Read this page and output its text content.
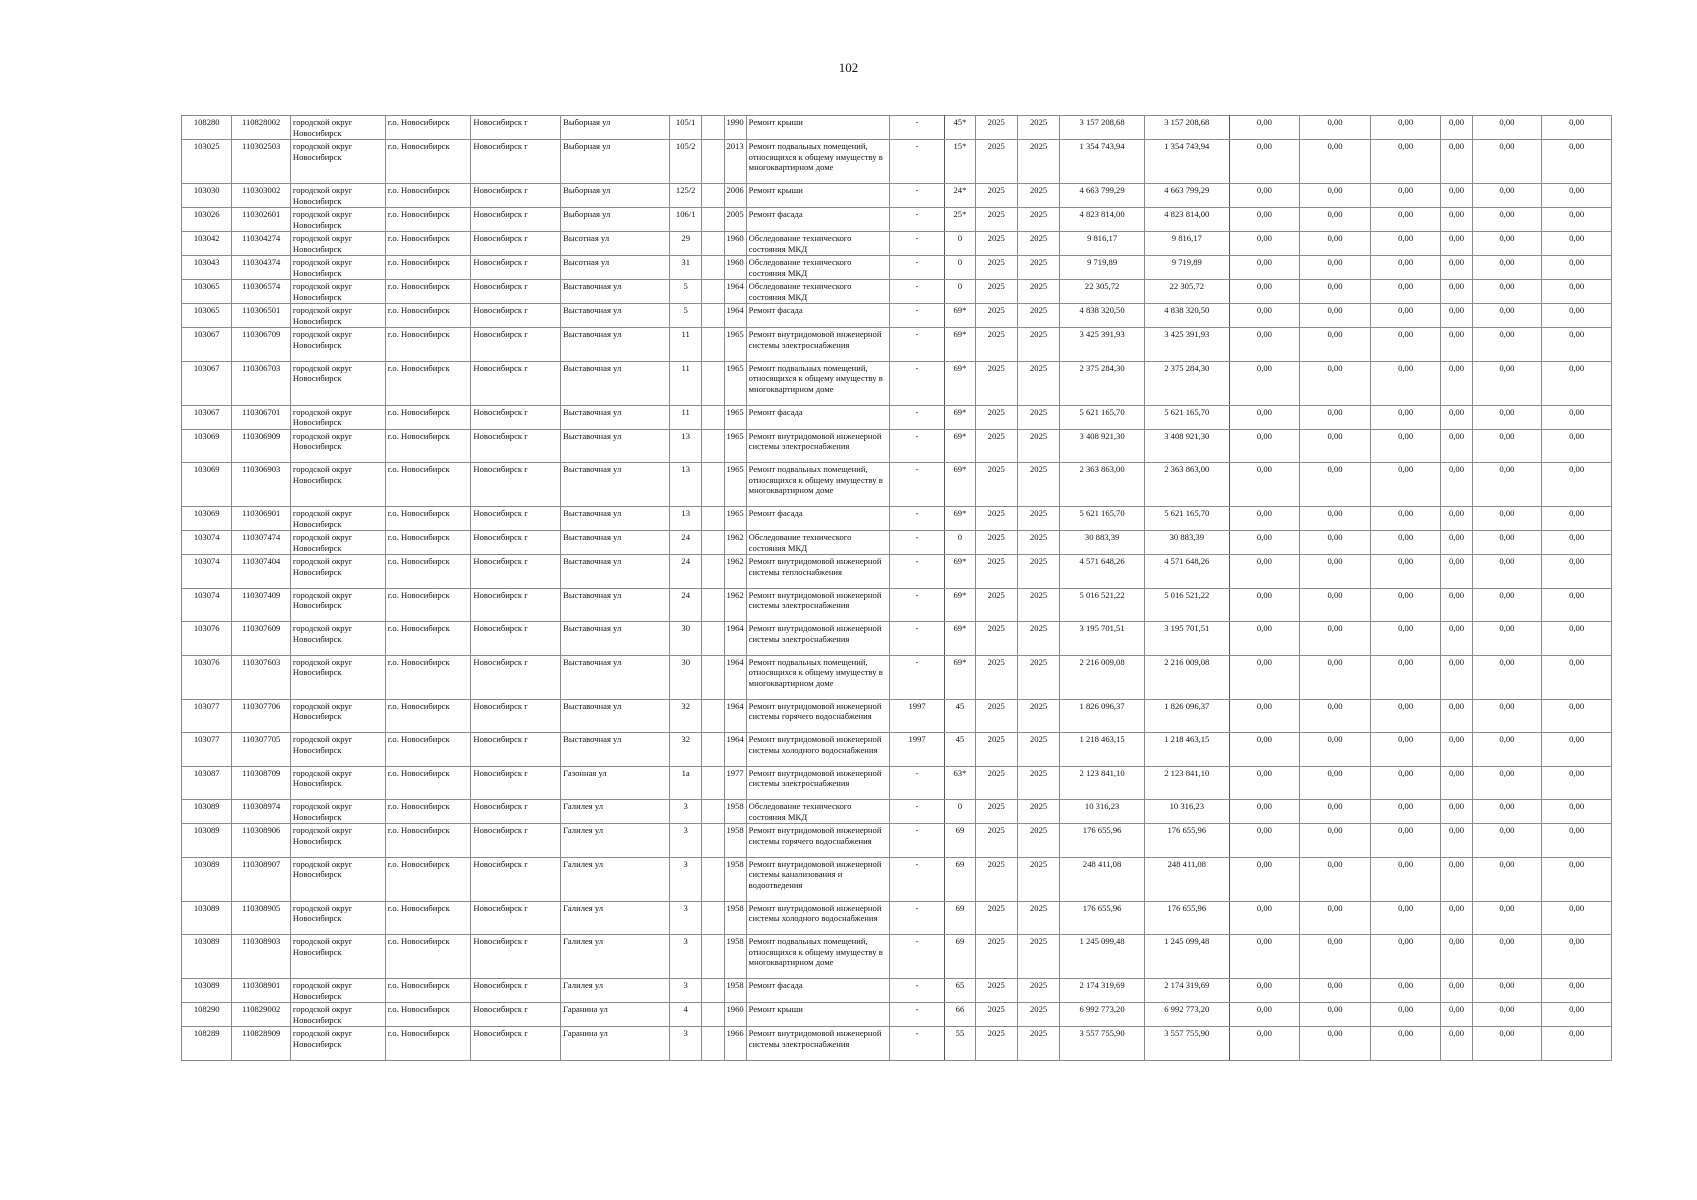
102
108280	110828002	городской округ Новосибирск	г.о. Новосибирск	Новосибирск г	Выборная ул	105/1		1990	Ремонт крыши	-	45*	2025	2025	3 157 208,68	3 157 208,68	0,00	0,00	0,00	0,00	0,00	0,00
103025	110302503	городской округ Новосибирск	г.о. Новосибирск	Новосибирск г	Выборная ул	105/2		2013	Ремонт подвальных помещений, относящихся к общему имуществу в многоквартирном доме	-	15*	2025	2025	1 354 743,94	1 354 743,94	0,00	0,00	0,00	0,00	0,00	0,00
103030	110303002	городской округ Новосибирск	г.о. Новосибирск	Новосибирск г	Выборная ул	125/2		2006	Ремонт крыши	-	24*	2025	2025	4 663 799,29	4 663 799,29	0,00	0,00	0,00	0,00	0,00	0,00
103026	110302601	городской округ Новосибирск	г.о. Новосибирск	Новосибирск г	Выборная ул	106/1		2005	Ремонт фасада	-	25*	2025	2025	4 823 814,00	4 823 814,00	0,00	0,00	0,00	0,00	0,00	0,00
103042	110304274	городской округ Новосибирск	г.о. Новосибирск	Новосибирск г	Высотная ул	29		1960	Обследование технического состояния МКД	-	0	2025	2025	9 816,17	9 816,17	0,00	0,00	0,00	0,00	0,00	0,00
103043	110304374	городской округ Новосибирск	г.о. Новосибирск	Новосибирск г	Высотная ул	31		1960	Обследование технического состояния МКД	-	0	2025	2025	9 719,89	9 719,89	0,00	0,00	0,00	0,00	0,00	0,00
103065	110306574	городской округ Новосибирск	г.о. Новосибирск	Новосибирск г	Выставочная ул	5		1964	Обследование технического состояния МКД	-	0	2025	2025	22 305,72	22 305,72	0,00	0,00	0,00	0,00	0,00	0,00
103065	110306501	городской округ Новосибирск	г.о. Новосибирск	Новосибирск г	Выставочная ул	5		1964	Ремонт фасада	-	69*	2025	2025	4 838 320,50	4 838 320,50	0,00	0,00	0,00	0,00	0,00	0,00
103067	110306709	городской округ Новосибирск	г.о. Новосибирск	Новосибирск г	Выставочная ул	11		1965	Ремонт внутридомовой инженерной системы электроснабжения	-	69*	2025	2025	3 425 391,93	3 425 391,93	0,00	0,00	0,00	0,00	0,00	0,00
103067	110306703	городской округ Новосибирск	г.о. Новосибирск	Новосибирск г	Выставочная ул	11		1965	Ремонт подвальных помещений, относящихся к общему имуществу в многоквартирном доме	-	69*	2025	2025	2 375 284,30	2 375 284,30	0,00	0,00	0,00	0,00	0,00	0,00
103067	110306701	городской округ Новосибирск	г.о. Новосибирск	Новосибирск г	Выставочная ул	11		1965	Ремонт фасада	-	69*	2025	2025	5 621 165,70	5 621 165,70	0,00	0,00	0,00	0,00	0,00	0,00
103069	110306909	городской округ Новосибирск	г.о. Новосибирск	Новосибирск г	Выставочная ул	13		1965	Ремонт внутридомовой инженерной системы электроснабжения	-	69*	2025	2025	3 408 921,30	3 408 921,30	0,00	0,00	0,00	0,00	0,00	0,00
103069	110306903	городской округ Новосибирск	г.о. Новосибирск	Новосибирск г	Выставочная ул	13		1965	Ремонт подвальных помещений, относящихся к общему имуществу в многоквартирном доме	-	69*	2025	2025	2 363 863,00	2 363 863,00	0,00	0,00	0,00	0,00	0,00	0,00
103069	110306901	городской округ Новосибирск	г.о. Новосибирск	Новосибирск г	Выставочная ул	13		1965	Ремонт фасада	-	69*	2025	2025	5 621 165,70	5 621 165,70	0,00	0,00	0,00	0,00	0,00	0,00
103074	110307474	городской округ Новосибирск	г.о. Новосибирск	Новосибирск г	Выставочная ул	24		1962	Обследование технического состояния МКД	-	0	2025	2025	30 883,39	30 883,39	0,00	0,00	0,00	0,00	0,00	0,00
103074	110307404	городской округ Новосибирск	г.о. Новосибирск	Новосибирск г	Выставочная ул	24		1962	Ремонт внутридомовой инженерной системы теплоснабжения	-	69*	2025	2025	4 571 648,26	4 571 648,26	0,00	0,00	0,00	0,00	0,00	0,00
103074	110307409	городской округ Новосибирск	г.о. Новосибирск	Новосибирск г	Выставочная ул	24		1962	Ремонт внутридомовой инженерной системы электроснабжения	-	69*	2025	2025	5 016 521,22	5 016 521,22	0,00	0,00	0,00	0,00	0,00	0,00
103076	110307609	городской округ Новосибирск	г.о. Новосибирск	Новосибирск г	Выставочная ул	30		1964	Ремонт внутридомовой инженерной системы электроснабжения	-	69*	2025	2025	3 195 701,51	3 195 701,51	0,00	0,00	0,00	0,00	0,00	0,00
103076	110307603	городской округ Новосибирск	г.о. Новосибирск	Новосибирск г	Выставочная ул	30		1964	Ремонт подвальных помещений, относящихся к общему имуществу в многоквартирном доме	-	69*	2025	2025	2 216 009,08	2 216 009,08	0,00	0,00	0,00	0,00	0,00	0,00
103077	110307706	городской округ Новосибирск	г.о. Новосибирск	Новосибирск г	Выставочная ул	32		1964	Ремонт внутридомовой инженерной системы горячего водоснабжения	1997	45	2025	2025	1 826 096,37	1 826 096,37	0,00	0,00	0,00	0,00	0,00	0,00
103077	110307705	городской округ Новосибирск	г.о. Новосибирск	Новосибирск г	Выставочная ул	32		1964	Ремонт внутридомовой инженерной системы холодного водоснабжения	1997	45	2025	2025	1 218 463,15	1 218 463,15	0,00	0,00	0,00	0,00	0,00	0,00
103087	110308709	городской округ Новосибирск	г.о. Новосибирск	Новосибирск г	Газонная ул	1а		1977	Ремонт внутридомовой инженерной системы электроснабжения	-	63*	2025	2025	2 123 841,10	2 123 841,10	0,00	0,00	0,00	0,00	0,00	0,00
103089	110308974	городской округ Новосибирск	г.о. Новосибирск	Новосибирск г	Галилея ул	3		1958	Обследование технического состояния МКД	-	0	2025	2025	10 316,23	10 316,23	0,00	0,00	0,00	0,00	0,00	0,00
103089	110308906	городской округ Новосибирск	г.о. Новосибирск	Новосибирск г	Галилея ул	3		1958	Ремонт внутридомовой инженерной системы горячего водоснабжения	-	69	2025	2025	176 655,96	176 655,96	0,00	0,00	0,00	0,00	0,00	0,00
103089	110308907	городской округ Новосибирск	г.о. Новосибирск	Новосибирск г	Галилея ул	3		1958	Ремонт внутридомовой инженерной системы канализования и водоотведения	-	69	2025	2025	248 411,08	248 411,08	0,00	0,00	0,00	0,00	0,00	0,00
103089	110308905	городской округ Новосибирск	г.о. Новосибирск	Новосибирск г	Галилея ул	3		1958	Ремонт внутридомовой инженерной системы холодного водоснабжения	-	69	2025	2025	176 655,96	176 655,96	0,00	0,00	0,00	0,00	0,00	0,00
103089	110308903	городской округ Новосибирск	г.о. Новосибирск	Новосибирск г	Галилея ул	3		1958	Ремонт подвальных помещений, относящихся к общему имуществу в многоквартирном доме	-	69	2025	2025	1 245 099,48	1 245 099,48	0,00	0,00	0,00	0,00	0,00	0,00
103089	110308901	городской округ Новосибирск	г.о. Новосибирск	Новосибирск г	Галилея ул	3		1958	Ремонт фасада	-	65	2025	2025	2 174 319,69	2 174 319,69	0,00	0,00	0,00	0,00	0,00	0,00
108290	110829002	городской округ Новосибирск	г.о. Новосибирск	Новосибирск г	Гаранина ул	4		1960	Ремонт крыши	-	66	2025	2025	6 992 773,20	6 992 773,20	0,00	0,00	0,00	0,00	0,00	0,00
108289	110828909	городской округ Новосибирск	г.о. Новосибирск	Новосибирск г	Гаранина ул	3		1966	Ремонт внутридомовой инженерной системы электроснабжения	-	55	2025	2025	3 557 755,90	3 557 755,90	0,00	0,00	0,00	0,00	0,00	0,00
